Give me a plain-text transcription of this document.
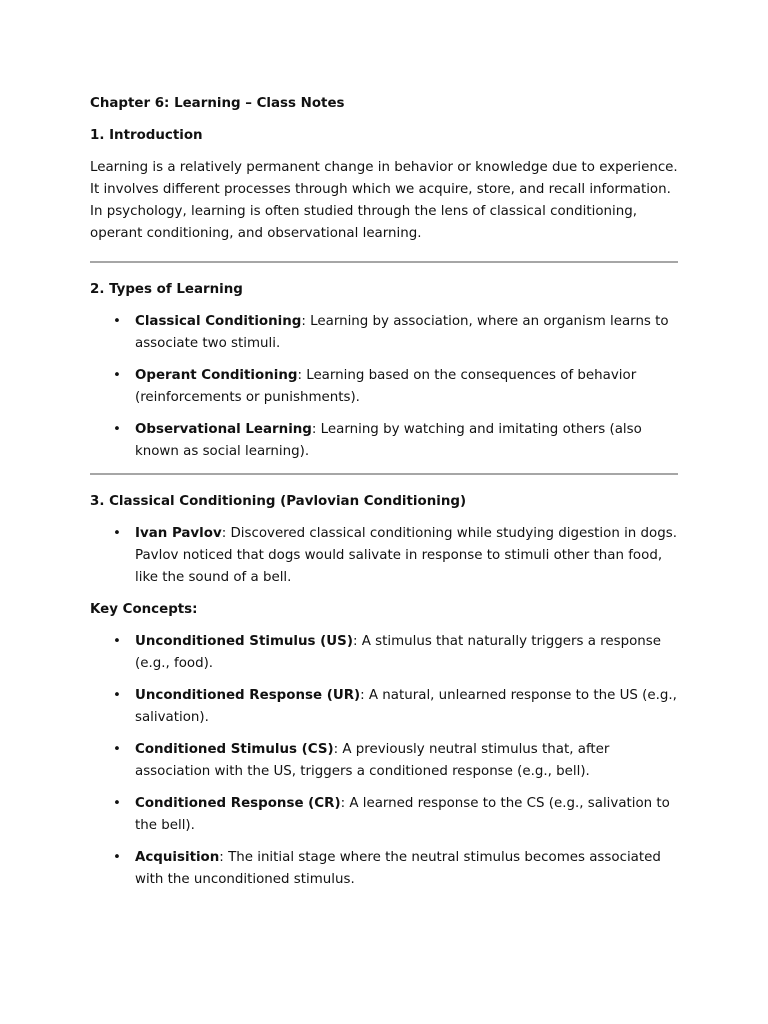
Chapter 6: Learning – Class Notes

1. Introduction

Learning is a relatively permanent change in behavior or knowledge due to experience. It involves different processes through which we acquire, store, and recall information. In psychology, learning is often studied through the lens of classical conditioning, operant conditioning, and observational learning.

2. Types of Learning

• Classical Conditioning: Learning by association, where an organism learns to associate two stimuli.
• Operant Conditioning: Learning based on the consequences of behavior (reinforcements or punishments).
• Observational Learning: Learning by watching and imitating others (also known as social learning).

3. Classical Conditioning (Pavlovian Conditioning)

• Ivan Pavlov: Discovered classical conditioning while studying digestion in dogs. Pavlov noticed that dogs would salivate in response to stimuli other than food, like the sound of a bell.

Key Concepts:

• Unconditioned Stimulus (US): A stimulus that naturally triggers a response (e.g., food).
• Unconditioned Response (UR): A natural, unlearned response to the US (e.g., salivation).
• Conditioned Stimulus (CS): A previously neutral stimulus that, after association with the US, triggers a conditioned response (e.g., bell).
• Conditioned Response (CR): A learned response to the CS (e.g., salivation to the bell).
• Acquisition: The initial stage where the neutral stimulus becomes associated with the unconditioned stimulus.
